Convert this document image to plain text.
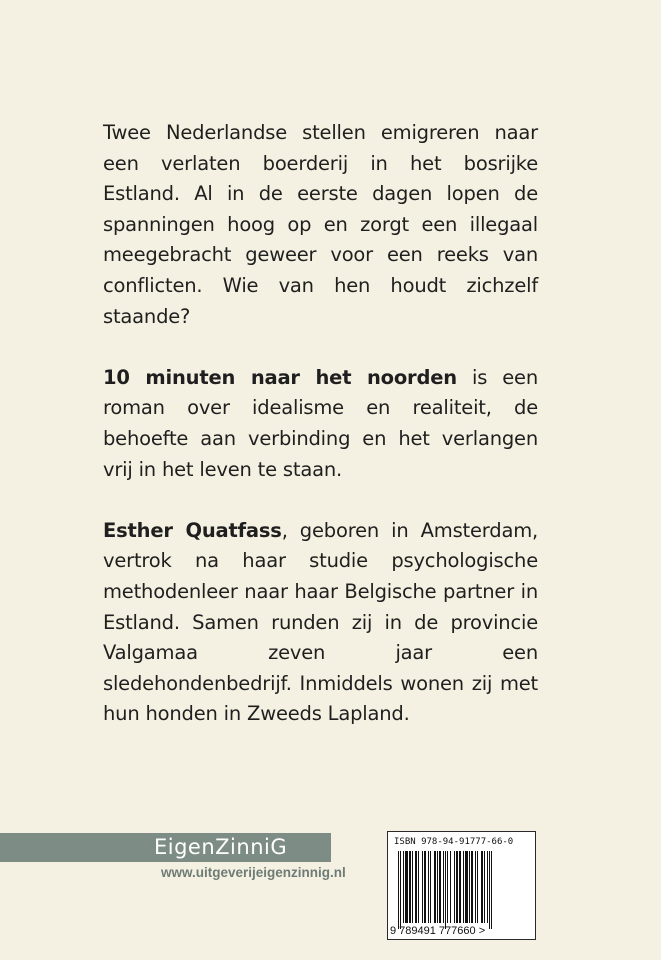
Twee Nederlandse stellen emigreren naar een verlaten boerderij in het bosrijke Estland. Al in de eerste dagen lopen de spanningen hoog op en zorgt een illegaal meegebracht geweer voor een reeks van conflicten. Wie van hen houdt zichzelf staande?

10 minuten naar het noorden is een roman over idealisme en realiteit, de behoefte aan verbinding en het verlangen vrij in het leven te staan.

Esther Quatfass, geboren in Amsterdam, vertrok na haar studie psychologische methodenleer naar haar Belgische partner in Estland. Samen runden zij in de provincie Valgamaa zeven jaar een sledehondenbedrijf. Inmiddels wonen zij met hun honden in Zweeds Lapland.

EigenZinniG
www.uitgeverijeigenzinnig.nl
ISBN 978-94-91777-66-0
9 789491 777660 >
